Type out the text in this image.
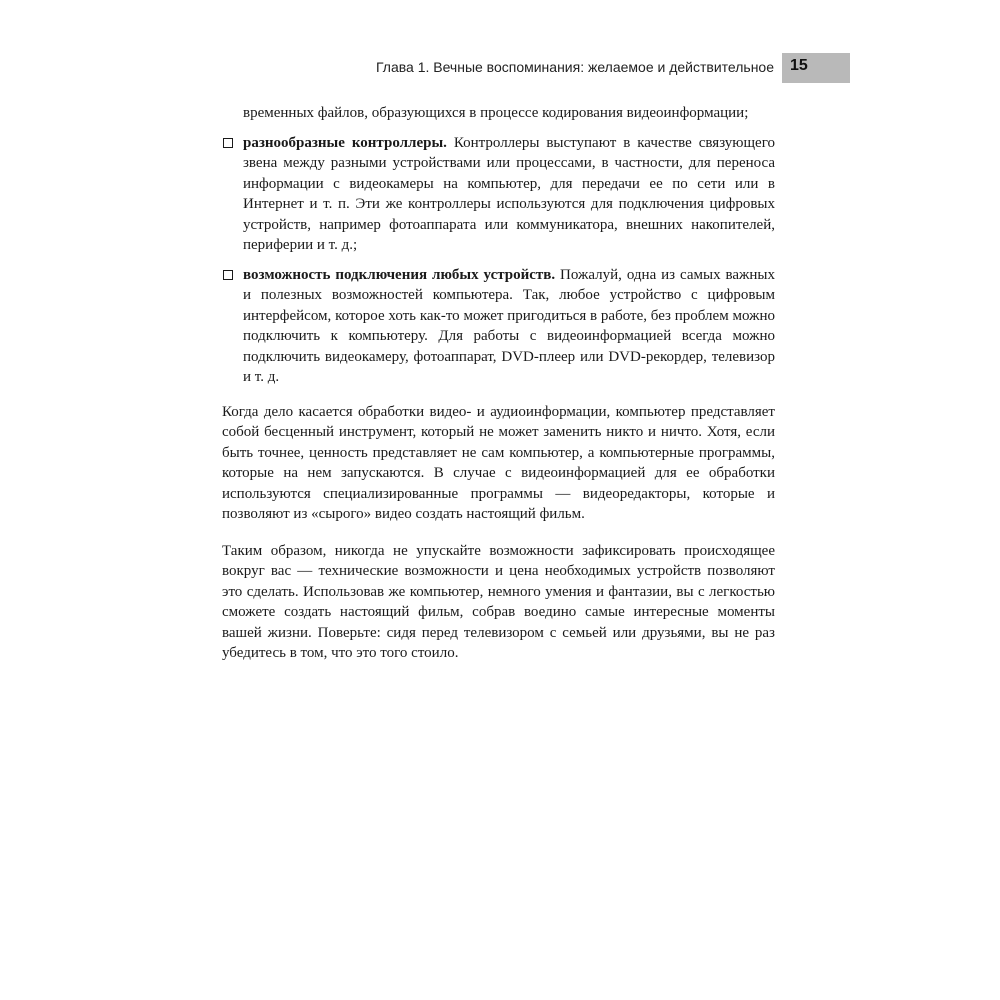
Глава 1. Вечные воспоминания: желаемое и действительное 15

временных файлов, образующихся в процессе кодирования видеоинформации;

разнообразные контроллеры. Контроллеры выступают в качестве связующего звена между разными устройствами или процессами, в частности, для переноса информации с видеокамеры на компьютер, для передачи ее по сети или в Интернет и т. п. Эти же контроллеры используются для подключения цифровых устройств, например фотоаппарата или коммуникатора, внешних накопителей, периферии и т. д.;
возможность подключения любых устройств. Пожалуй, одна из самых важных и полезных возможностей компьютера. Так, любое устройство с цифровым интерфейсом, которое хоть как-то может пригодиться в работе, без проблем можно подключить к компьютеру. Для работы с видеоинформацией всегда можно подключить видеокамеру, фотоаппарат, DVD-плеер или DVD-рекордер, телевизор и т. д.

Когда дело касается обработки видео- и аудиоинформации, компьютер представляет собой бесценный инструмент, который не может заменить никто и ничто. Хотя, если быть точнее, ценность представляет не сам компьютер, а компьютерные программы, которые на нем запускаются. В случае с видеоинформацией для ее обработки используются специализированные программы — видеоредакторы, которые и позволяют из «сырого» видео создать настоящий фильм.

Таким образом, никогда не упускайте возможности зафиксировать происходящее вокруг вас — технические возможности и цена необходимых устройств позволяют это сделать. Использовав же компьютер, немного умения и фантазии, вы с легкостью сможете создать настоящий фильм, собрав воедино самые интересные моменты вашей жизни. Поверьте: сидя перед телевизором с семьей или друзьями, вы не раз убедитесь в том, что это того стоило.
